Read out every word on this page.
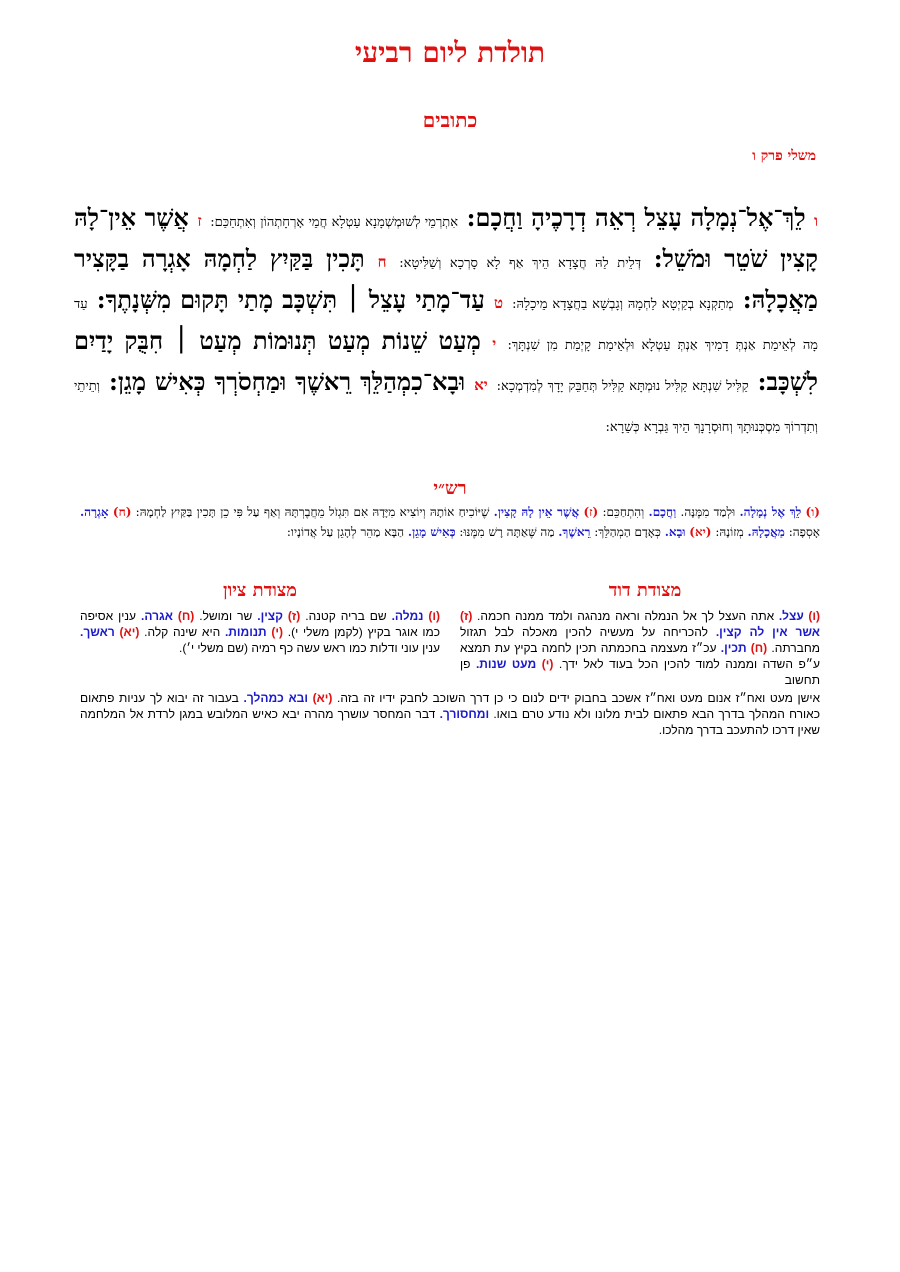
תולדת ליום רביעי
כתובים
משלי פרק ו
ו לֵךְ־אֶל־נְמָלָה עָצֵל רְאֵה דְרָכֶיהָ וַחֲכָם: אִתְרְמֵי לְשׁוּמְשְׁמָנָא עַטְלָא חֲמֵי אָרְחָתְהוֹן וְאִתְחַכַּם: ז אֲשֶׁר אֵין־לָהּ קָצִין שֹׁטֵר וּמֹשֵׁל: דְּלֵית לַהּ חֲצָדָא הֵיךְ אַף לָא סָרְכָא וְשַׁלִּיטָא: ח תָּכִין בַּקַּיִץ לַחְמָהּ אָגְרָה בַקָּצִיר מַאֲכָלָהּ: מְתַקְנָא בְקַיְטָא לַחְמָהּ וְגָבְשָׁא בַחֲצָדָא מֵיכָלָהּ: ט עַד־מָתַי עָצֵל ׀ תִּשְׁכָּב מָתַי תָּקוּם מִשְּׁנָתֶךָ: עַד מָה לְאֵימַת אַנְתְּ דָמִיךְ אַנְתְּ עַטְלָא וּלְאֵימַת קָיְמַת מִן שִׁנְתָּךְ: י מְעַט שֵׁנוֹת מְעַט תְּנוּמוֹת מְעַט ׀ חִבֻּק יָדַיִם לִשְׁכָּב: קַלִּיל שִׁנְתָּא קַלִּיל נוּמְתָּא קַלִּיל תְּחַבֵּק יָדָךְ לְמִדְמְכָא: יא וּבָא־כִמְהַלֵּךְ רֵאשֶׁךָ וּמַחְסֹרְךָ כְּאִישׁ מָגֵן: וְתֵיתֵי וְתִדְרוֹךְ מִסְכְּנוּתָךְ וְחוּסְרָנָךְ הֵיךְ גַּבְרָא כְּשֵׁרָא:
רש״י
(ו) לֵךְ אֶל נְמָלָה. וּלְמַד מִמֶּנָּה. וַחֲכָם. וְהִתְחַכֵּם: (ז) אֲשֶׁר אֵין לָהּ קָצִין. שֶׁיּוֹכִיחַ אוֹתָהּ וְיוֹצִיא מִיָּדָהּ אִם תִּגְזֹל מֵחֲבֶרְתָּהּ וְאַף עַל פִּי כֵן תָּכִין בַּקַּיִץ לַחְמָהּ: (ח) אָגְרָה. אָסְפָה: מַאֲכָלָהּ. מְזוֹנָהּ: (יא) וּבָא. כְּאָדָם הַמְהַלֵּךְ: רֵאשֶׁךָ. מַה שֶּׁאַתָּה רָשׁ מִמֶּנּוּ: כְּאִישׁ מָגֵן. הַבָּא מַהֵר לְהָגֵן עַל אֲדוֹנָיו:
מצודת דוד
מצודת ציון
(ו) עצל. אתה העצל לך אל הנמלה וראה מנהגה ולמד ממנה חכמה. (ז) אשר אין לה קצין. להכריחה על מעשיה להכין מאכלה לבל תגזול מחברתה. (ח) תכין. עכ״ז מעצמה בחכמתה תכין לחמה בקיץ עת תמצא ע״פ השדה וממנה למוד להכין הכל בעוד לאל ידך. (י) מעט שנות. פן תחשוב
(ו) נמלה. שם בריה קטנה. (ז) קצין. שר ומושל. (ח) אגרה. ענין אסיפה כמו אוגר בקיץ (לקמן משלי י). (י) תנומות. היא שינה קלה. (יא) ראשך. ענין עוני ודלות כמו ראש עשה כף רמיה (שם משלי י׳).
אישן מעט ואח״ז אנום מעט ואח״ז אשכב בחבוק ידים לנום כי כן דרך השוכב לחבק ידיו זה בזה. (יא) ובא כמהלך. בעבור זה יבוא לך עניות פתאום כאורח המהלך בדרך הבא פתאום לבית מלונו ולא נודע טרם בואו. ומחסורך. דבר המחסר עושרך מהרה יבא כאיש המלובש במגן לרדת אל המלחמה שאין דרכו להתעכב בדרך מהלכו.
